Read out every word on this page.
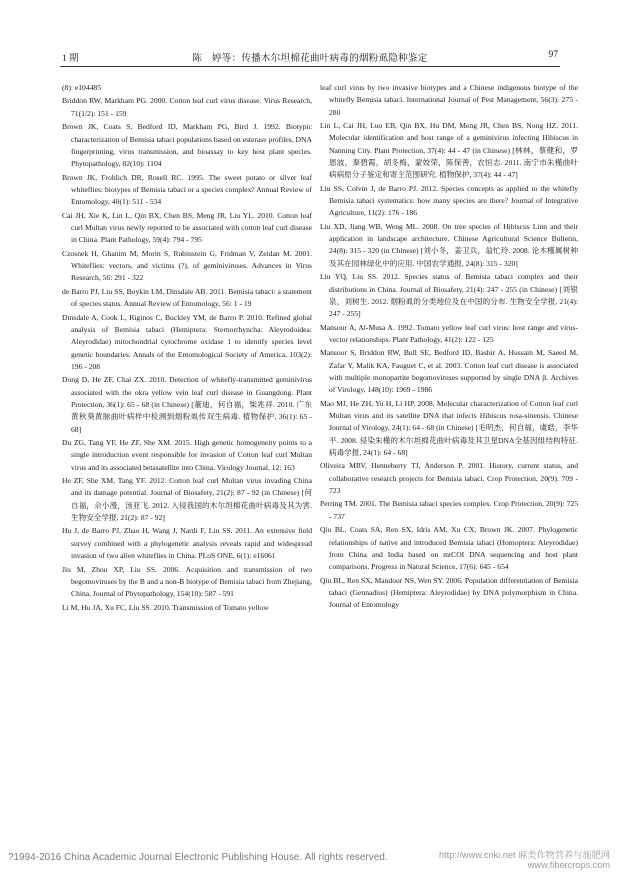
1 期	陈　婷等：传播木尔坦棉花曲叶病毒的烟粉虱隐种鉴定	97

(8): e104485

Briddon RW, Markham PG. 2000. Cotton leaf curl virus disease. Virus Research, 71(1/2): 151 - 159

Brown JK, Coats S, Bedford ID, Markham PG, Bird J. 1992. Biotypic characterization of Bemisia tabaci populations based on esterase profiles, DNA fingerprinting, virus transmission, and bioassay to key host plant species. Phytopathology, 82(10): 1104

Brown JK, Frohlich DR, Rosell RC. 1995. The sweet potato or silver leaf whiteflies: biotypes of Bemisia tabaci or a species complex? Annual Review of Entomology, 40(1): 511 - 534

Cai JH, Xie K, Lin L, Qin BX, Chen BS, Meng JR, Liu YL. 2010. Cotton leaf curl Multan virus newly reported to be associated with cotton leaf curl disease in China. Plant Pathology, 59(4): 794 - 795

Czosnek H, Ghanim M, Morin S, Rubinstein G, Fridman V, Zeidan M. 2001. Whiteflies: vectors, and victims (?), of geminiviruses. Advances in Virus Research, 56: 291 - 322

de Barro PJ, Liu SS, Boykin LM, Dinsdale AB. 2011. Bemisia tabaci: a statement of species status. Annual Review of Entomology, 56: 1 - 19

Dinsdale A, Cook L, Riginos C, Buckley YM, de Barro P. 2010. Refined global analysis of Bemisia tabaci (Hemiptera: Sternorrhyncha: Aleyrodoidea: Aleyrodidae) mitochondrial cytochrome oxidase 1 to identify species level genetic boundaries. Annals of the Entomological Society of America, 103(2): 196 - 208

Dong D, He ZF, Chai ZX. 2010. Detection of whitefly-transmitted geminivirus associated with the okra yellow vein leaf curl disease in Guangdong. Plant Protection, 36(1): 65 - 68 (in Chinese) [董迪，何自福，柴兆祥. 2010. 广东黄秋葵黄脉曲叶病样中检测到烟粉虱传双生病毒. 植物保护, 36(1): 65 - 68]

Du ZG, Tang YF, He ZF, She XM. 2015. High genetic homogeneity points to a single introduction event responsible for invasion of Cotton leaf curl Multan virus and its associated betasatellite into China. Virology Journal, 12: 163

He ZF, She XM, Tang YF. 2012. Cotton leaf curl Multan virus invading China and its damage potential. Journal of Biosafety, 21(2): 87 - 92 (in Chinese) [何自福，佘小漫，汤亚飞. 2012. 入侵我国的木尔坦棉花曲叶病毒及其为害. 生物安全学报, 21(2): 87 - 92]

Hu J, de Barro PJ, Zhao H, Wang J, Nardi F, Liu SS. 2011. An extensive field survey combined with a phylogenetic analysis reveals rapid and widespread invasion of two alien whiteflies in China. PLoS ONE, 6(1): e16061

Jiu M, Zhou XP, Liu SS. 2006. Acquisition and transmission of two begomoviruses by the B and a non-B biotype of Bemisia tabaci from Zhejiang, China. Journal of Phytopathology, 154(10): 587 - 591

Li M, Hu JA, Xu FC, Liu SS. 2010. Transmission of Tomato yellow

leaf curl virus by two invasive biotypes and a Chinese indigenous biotype of the whitefly Bemisia tabaci. International Journal of Pest Management, 56(3): 275 - 280

Lin L, Cai JH, Luo EB, Qin BX, Hu DM, Meng JR, Chen BS, Nong HZ. 2011. Molecular identification and host range of a geminivirus infecting Hibiscus in Nanning City. Plant Protection, 37(4): 44 - 47 (in Chinese) [林林，蔡健和，罗恩波，秦碧霞，胡冬梅，蒙姣荣，陈保善，农恒志. 2011. 南宁市朱槿曲叶病病原分子鉴定和寄主范围研究. 植物保护, 37(4): 44 - 47]

Liu SS, Colvin J, de Barro PJ. 2012. Species concepts as applied to the whitefly Bemisia tabaci systematics: how many species are there? Journal of Integrative Agriculture, 11(2): 176 - 186

Liu XD, Jiang WB, Weng ML. 2008. On tree species of Hibiscus Linn and their application in landscape architecture. Chinese Agricultural Science Bulletin, 24(8): 315 - 320 (in Chinese) [刘小冬，姜卫兵，翁忙玲. 2008. 论木槿属树种及其在园林绿化中的应用. 中国农学通报, 24(8): 315 - 320]

Liu YQ, Liu SS. 2012. Species status of Bemisia tabaci complex and their distributions in China. Journal of Biosafety, 21(4): 247 - 255 (in Chinese) [刘银泉，刘树生. 2012. 烟粉虱的分类地位及在中国的分布. 生物安全学报, 21(4): 247 - 255]

Mansour A, Al-Musa A. 1992. Tomato yellow leaf curl virus: host range and virus-vector relationships. Plant Pathology, 41(2): 122 - 125

Mansoor S, Briddon RW, Bull SE, Bedford ID, Bashir A, Hussain M, Saeed M, Zafar Y, Malik KA, Fauguet C, et al. 2003. Cotton leaf curl disease is associated with multiple monopartite begomoviruses supported by single DNA β. Archives of Virology, 148(10): 1969 - 1986

Mao MJ, He ZH, Yu H, Li HP. 2008. Molecular characterization of Cotton leaf curl Multan virus and its satellite DNA that infects Hibiscus rosa-sinensis. Chinese Journal of Virology, 24(1): 64 - 68 (in Chinese) [毛明杰，何自福，虞皓，李华平. 2008. 侵染朱槿的木尔坦棉花曲叶病毒及其卫星DNA全基因组结构特征. 病毒学报, 24(1): 64 - 68]

Oliveira MRV, Henneberry TJ, Anderson P. 2001. History, current status, and collaborative research projects for Bemisia tabaci. Crop Protection, 20(9): 709 - 723

Perring TM. 2001. The Bemisia tabaci species complex. Crop Protection, 20(9): 725 - 737

Qiu BL, Coats SA, Ren SX, Idris AM, Xu CX, Brown JK. 2007. Phylogenetic relationships of native and introduced Bemisia tabaci (Homoptera: Aleyrodidae) from China and India based on mtCOI DNA sequencing and host plant comparisons. Progress in Natural Science, 17(6): 645 - 654

Qiu BL, Ren SX, Mandour NS, Wen SY. 2006. Population differentiation of Bemisia tabaci (Gennadius) (Hemiptera: Aleyrodidae) by DNA polymorphism in China. Journal of Entomology

?1994-2016 China Academic Journal Electronic Publishing House. All rights reserved.	http://www.cnki.net 麻类作物营养与施肥网
www.fibercrops.com
